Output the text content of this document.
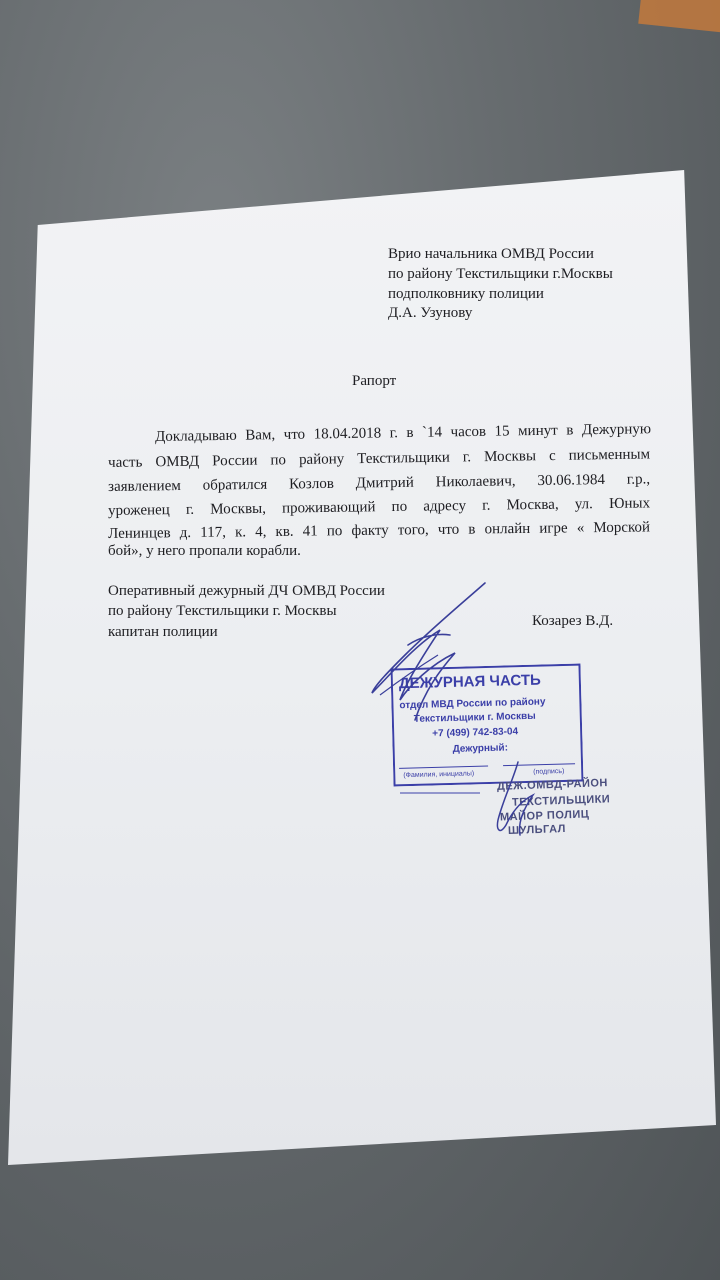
Врио начальника ОМВД России
по району Текстильщики г.Москвы
подполковнику полиции
Д.А. Узунову
Рапорт
Докладываю Вам, что 18.04.2018 г. в `14 часов 15 минут в Дежурную
часть ОМВД России по району Текстильщики г. Москвы с письменным
заявлением обратился Козлов Дмитрий Николаевич, 30.06.1984 г.р.,
уроженец г. Москвы, проживающий по адресу г. Москва, ул. Юных
Ленинцев д. 117, к. 4, кв. 41 по факту того, что в онлайн игре « Морской
бой», у него пропали корабли.
Оперативный дежурный ДЧ ОМВД России
по району Текстильщики г. Москвы
капитан полиции
Козарез В.Д.
ДЕЖУРНАЯ ЧАСТЬ
отдел МВД России по району
Текстильщики г. Москвы
+7 (499) 742-83-04
Дежурный:
(Фамилия, инициалы)	(подпись)
ДЕЖ.ОМВД-РАЙОН
ТЕКСТИЛЬЩИКИ
МАЙОР ПОЛИЦ
ШУЛЬГАЛ
